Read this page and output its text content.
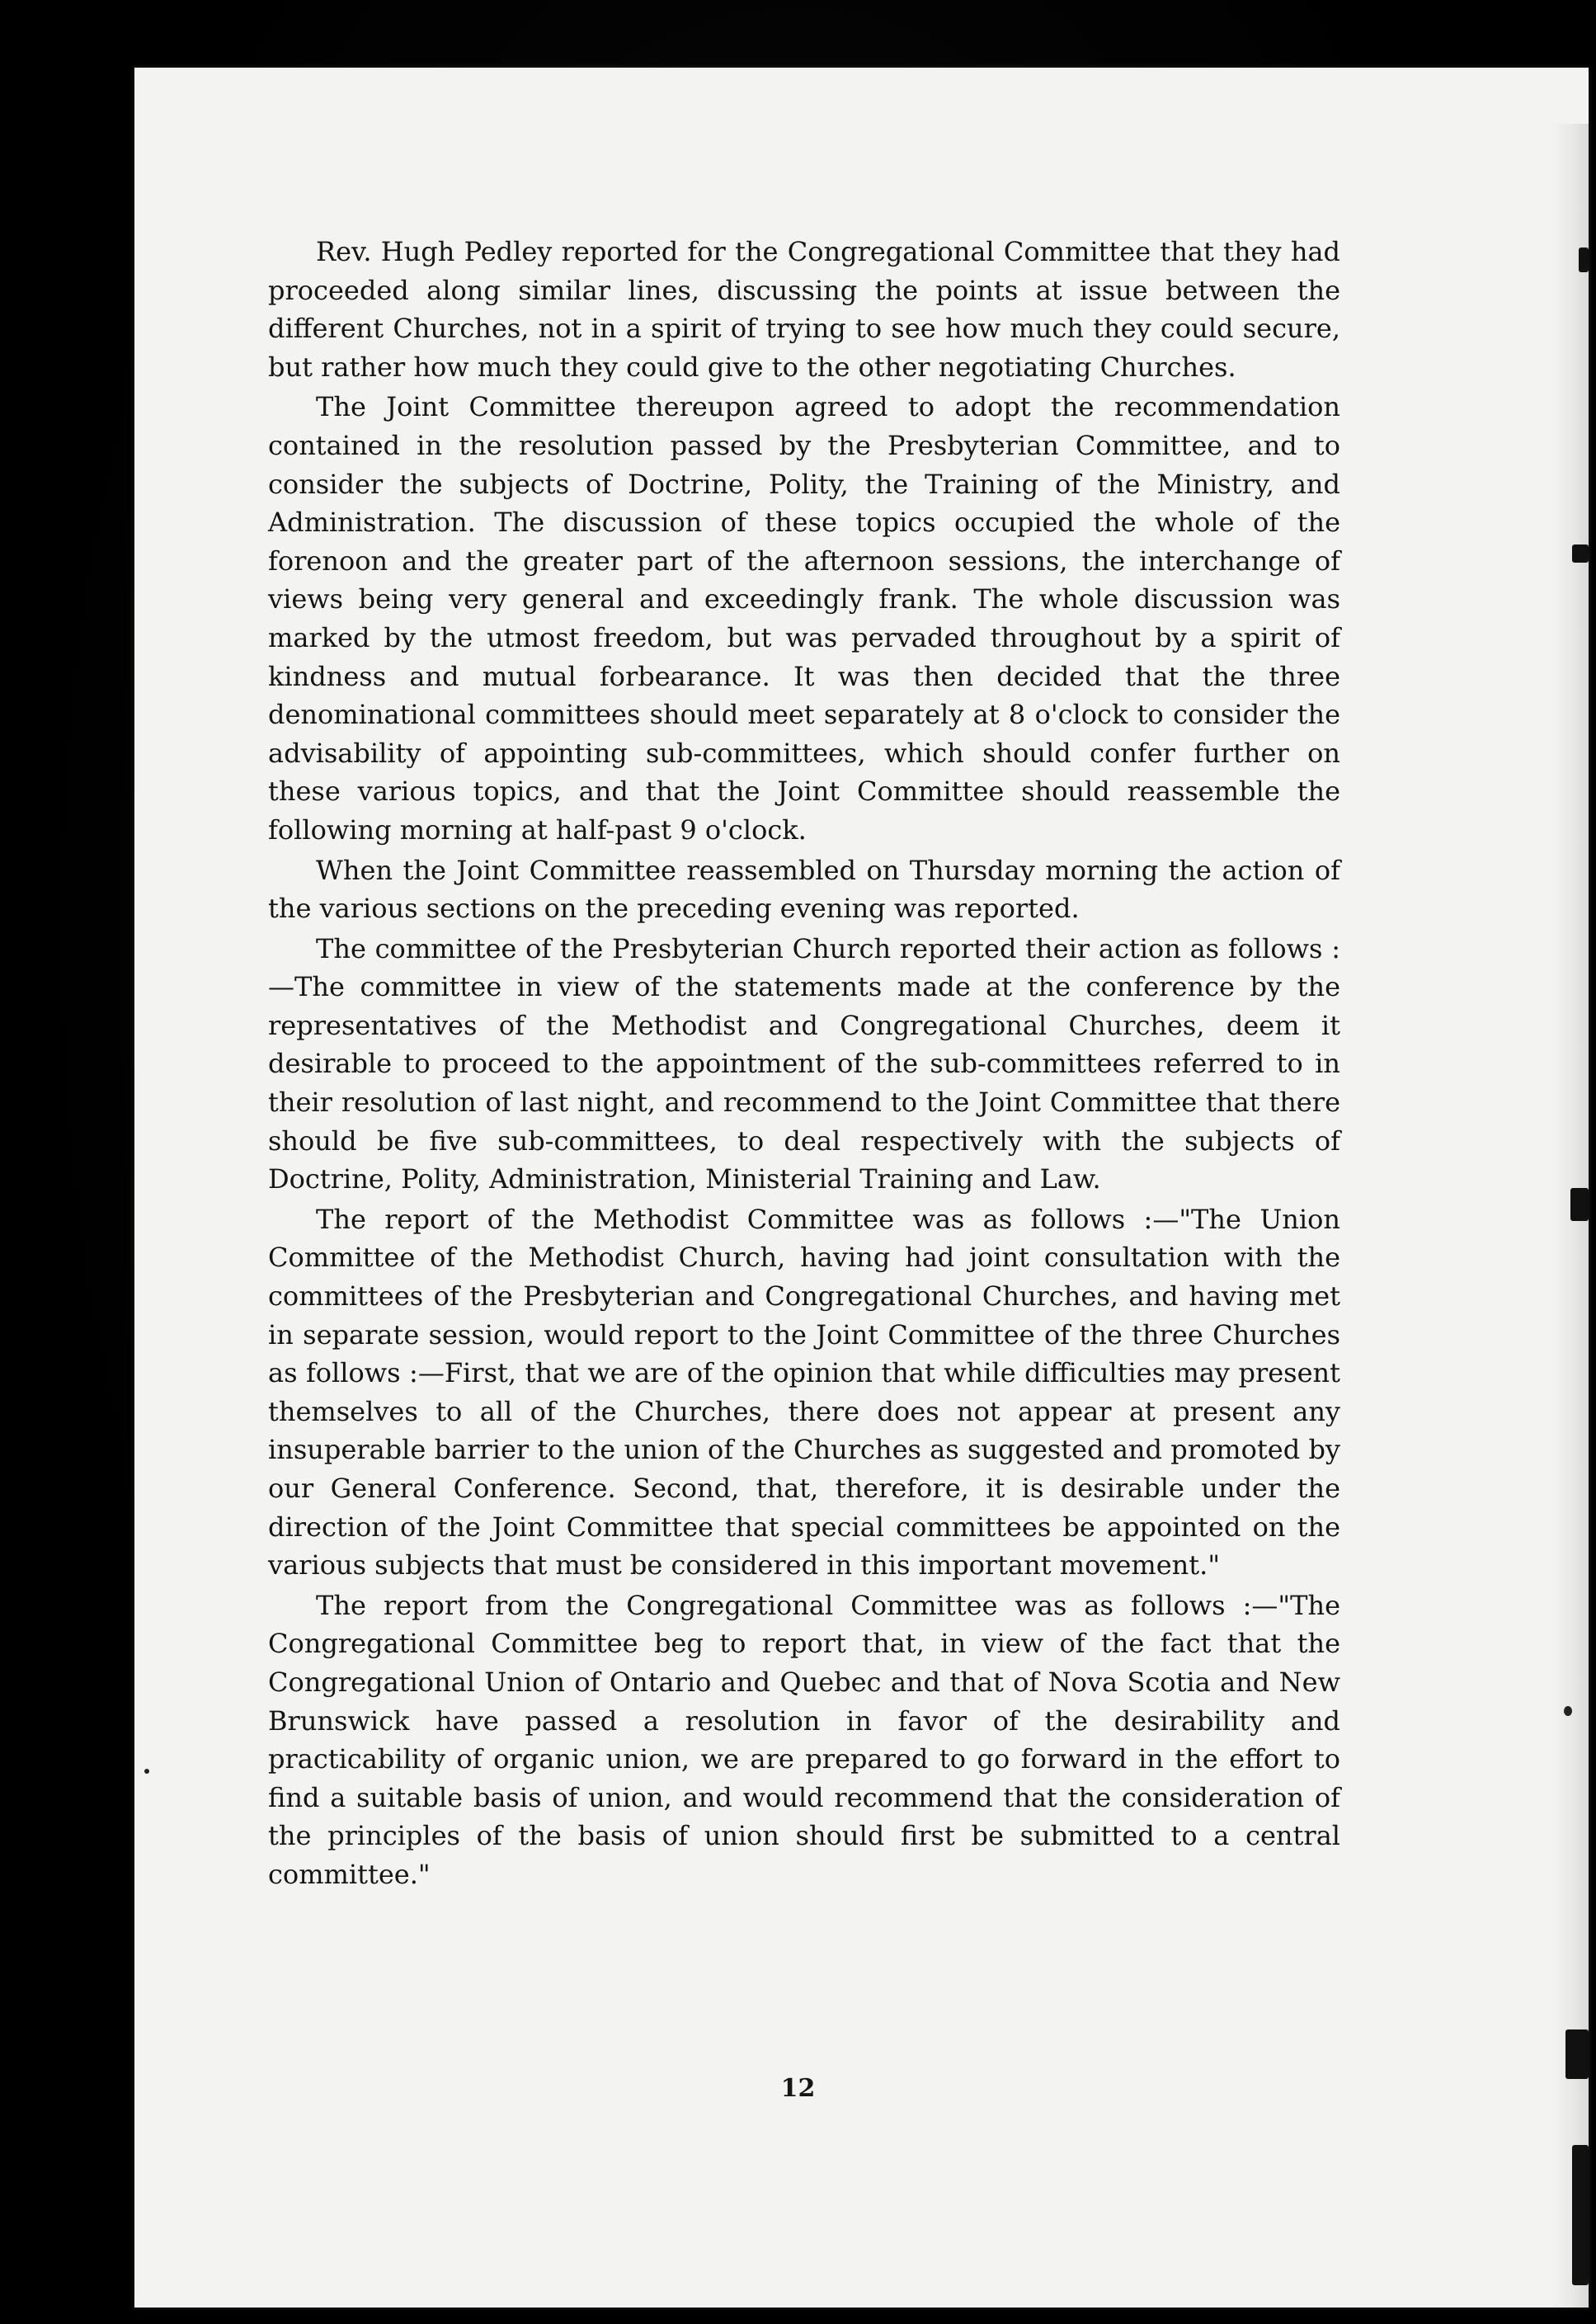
Rev. Hugh Pedley reported for the Congregational Committee that they had proceeded along similar lines, discussing the points at issue between the different Churches, not in a spirit of trying to see how much they could secure, but rather how much they could give to the other negotiating Churches.

The Joint Committee thereupon agreed to adopt the recommendation contained in the resolution passed by the Presbyterian Committee, and to consider the subjects of Doctrine, Polity, the Training of the Ministry, and Administration. The discussion of these topics occupied the whole of the forenoon and the greater part of the afternoon sessions, the interchange of views being very general and exceedingly frank. The whole discussion was marked by the utmost freedom, but was pervaded throughout by a spirit of kindness and mutual forbearance. It was then decided that the three denominational committees should meet separately at 8 o'clock to consider the advisability of appointing sub-committees, which should confer further on these various topics, and that the Joint Committee should reassemble the following morning at half-past 9 o'clock.

When the Joint Committee reassembled on Thursday morning the action of the various sections on the preceding evening was reported.

The committee of the Presbyterian Church reported their action as follows :—The committee in view of the statements made at the conference by the representatives of the Methodist and Congregational Churches, deem it desirable to proceed to the appointment of the sub-committees referred to in their resolution of last night, and recommend to the Joint Committee that there should be five sub-committees, to deal respectively with the subjects of Doctrine, Polity, Administration, Ministerial Training and Law.

The report of the Methodist Committee was as follows :—"The Union Committee of the Methodist Church, having had joint consultation with the committees of the Presbyterian and Congregational Churches, and having met in separate session, would report to the Joint Committee of the three Churches as follows :—First, that we are of the opinion that while difficulties may present themselves to all of the Churches, there does not appear at present any insuperable barrier to the union of the Churches as suggested and promoted by our General Conference. Second, that, therefore, it is desirable under the direction of the Joint Committee that special committees be appointed on the various subjects that must be considered in this important movement."

The report from the Congregational Committee was as follows :—"The Congregational Committee beg to report that, in view of the fact that the Congregational Union of Ontario and Quebec and that of Nova Scotia and New Brunswick have passed a resolution in favor of the desirability and practicability of organic union, we are prepared to go forward in the effort to find a suitable basis of union, and would recommend that the consideration of the principles of the basis of union should first be submitted to a central committee."

12
